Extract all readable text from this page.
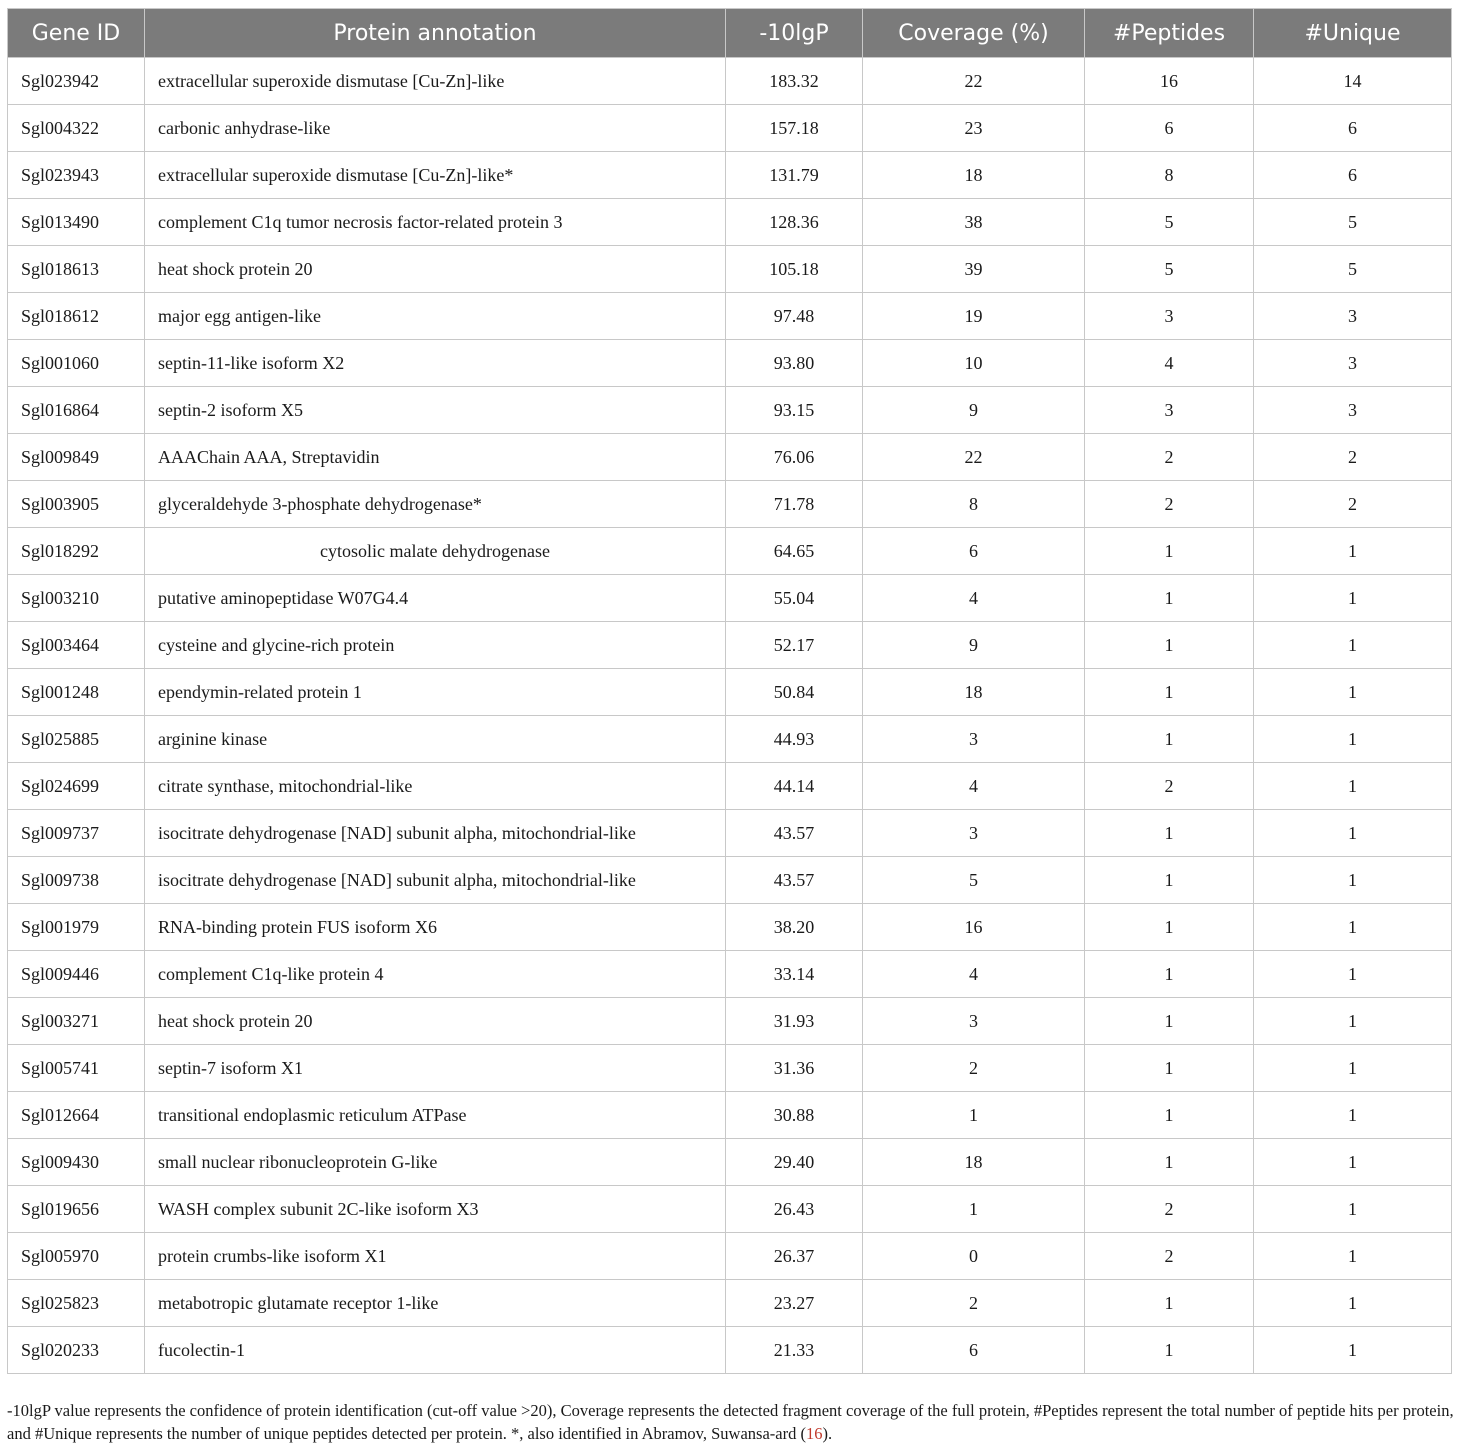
Gene ID	Protein annotation	-10lgP	Coverage (%)	#Peptides	#Unique
Sgl023942	extracellular superoxide dismutase [Cu-Zn]-like	183.32	22	16	14
Sgl004322	carbonic anhydrase-like	157.18	23	6	6
Sgl023943	extracellular superoxide dismutase [Cu-Zn]-like*	131.79	18	8	6
Sgl013490	complement C1q tumor necrosis factor-related protein 3	128.36	38	5	5
Sgl018613	heat shock protein 20	105.18	39	5	5
Sgl018612	major egg antigen-like	97.48	19	3	3
Sgl001060	septin-11-like isoform X2	93.80	10	4	3
Sgl016864	septin-2 isoform X5	93.15	9	3	3
Sgl009849	AAAChain AAA, Streptavidin	76.06	22	2	2
Sgl003905	glyceraldehyde 3-phosphate dehydrogenase*	71.78	8	2	2
Sgl018292	cytosolic malate dehydrogenase	64.65	6	1	1
Sgl003210	putative aminopeptidase W07G4.4	55.04	4	1	1
Sgl003464	cysteine and glycine-rich protein	52.17	9	1	1
Sgl001248	ependymin-related protein 1	50.84	18	1	1
Sgl025885	arginine kinase	44.93	3	1	1
Sgl024699	citrate synthase, mitochondrial-like	44.14	4	2	1
Sgl009737	isocitrate dehydrogenase [NAD] subunit alpha, mitochondrial-like	43.57	3	1	1
Sgl009738	isocitrate dehydrogenase [NAD] subunit alpha, mitochondrial-like	43.57	5	1	1
Sgl001979	RNA-binding protein FUS isoform X6	38.20	16	1	1
Sgl009446	complement C1q-like protein 4	33.14	4	1	1
Sgl003271	heat shock protein 20	31.93	3	1	1
Sgl005741	septin-7 isoform X1	31.36	2	1	1
Sgl012664	transitional endoplasmic reticulum ATPase	30.88	1	1	1
Sgl009430	small nuclear ribonucleoprotein G-like	29.40	18	1	1
Sgl019656	WASH complex subunit 2C-like isoform X3	26.43	1	2	1
Sgl005970	protein crumbs-like isoform X1	26.37	0	2	1
Sgl025823	metabotropic glutamate receptor 1-like	23.27	2	1	1
Sgl020233	fucolectin-1	21.33	6	1	1

-10lgP value represents the confidence of protein identification (cut-off value >20), Coverage represents the detected fragment coverage of the full protein, #Peptides represent the total number of peptide hits per protein, and #Unique represents the number of unique peptides detected per protein. *, also identified in Abramov, Suwansa-ard (16).
